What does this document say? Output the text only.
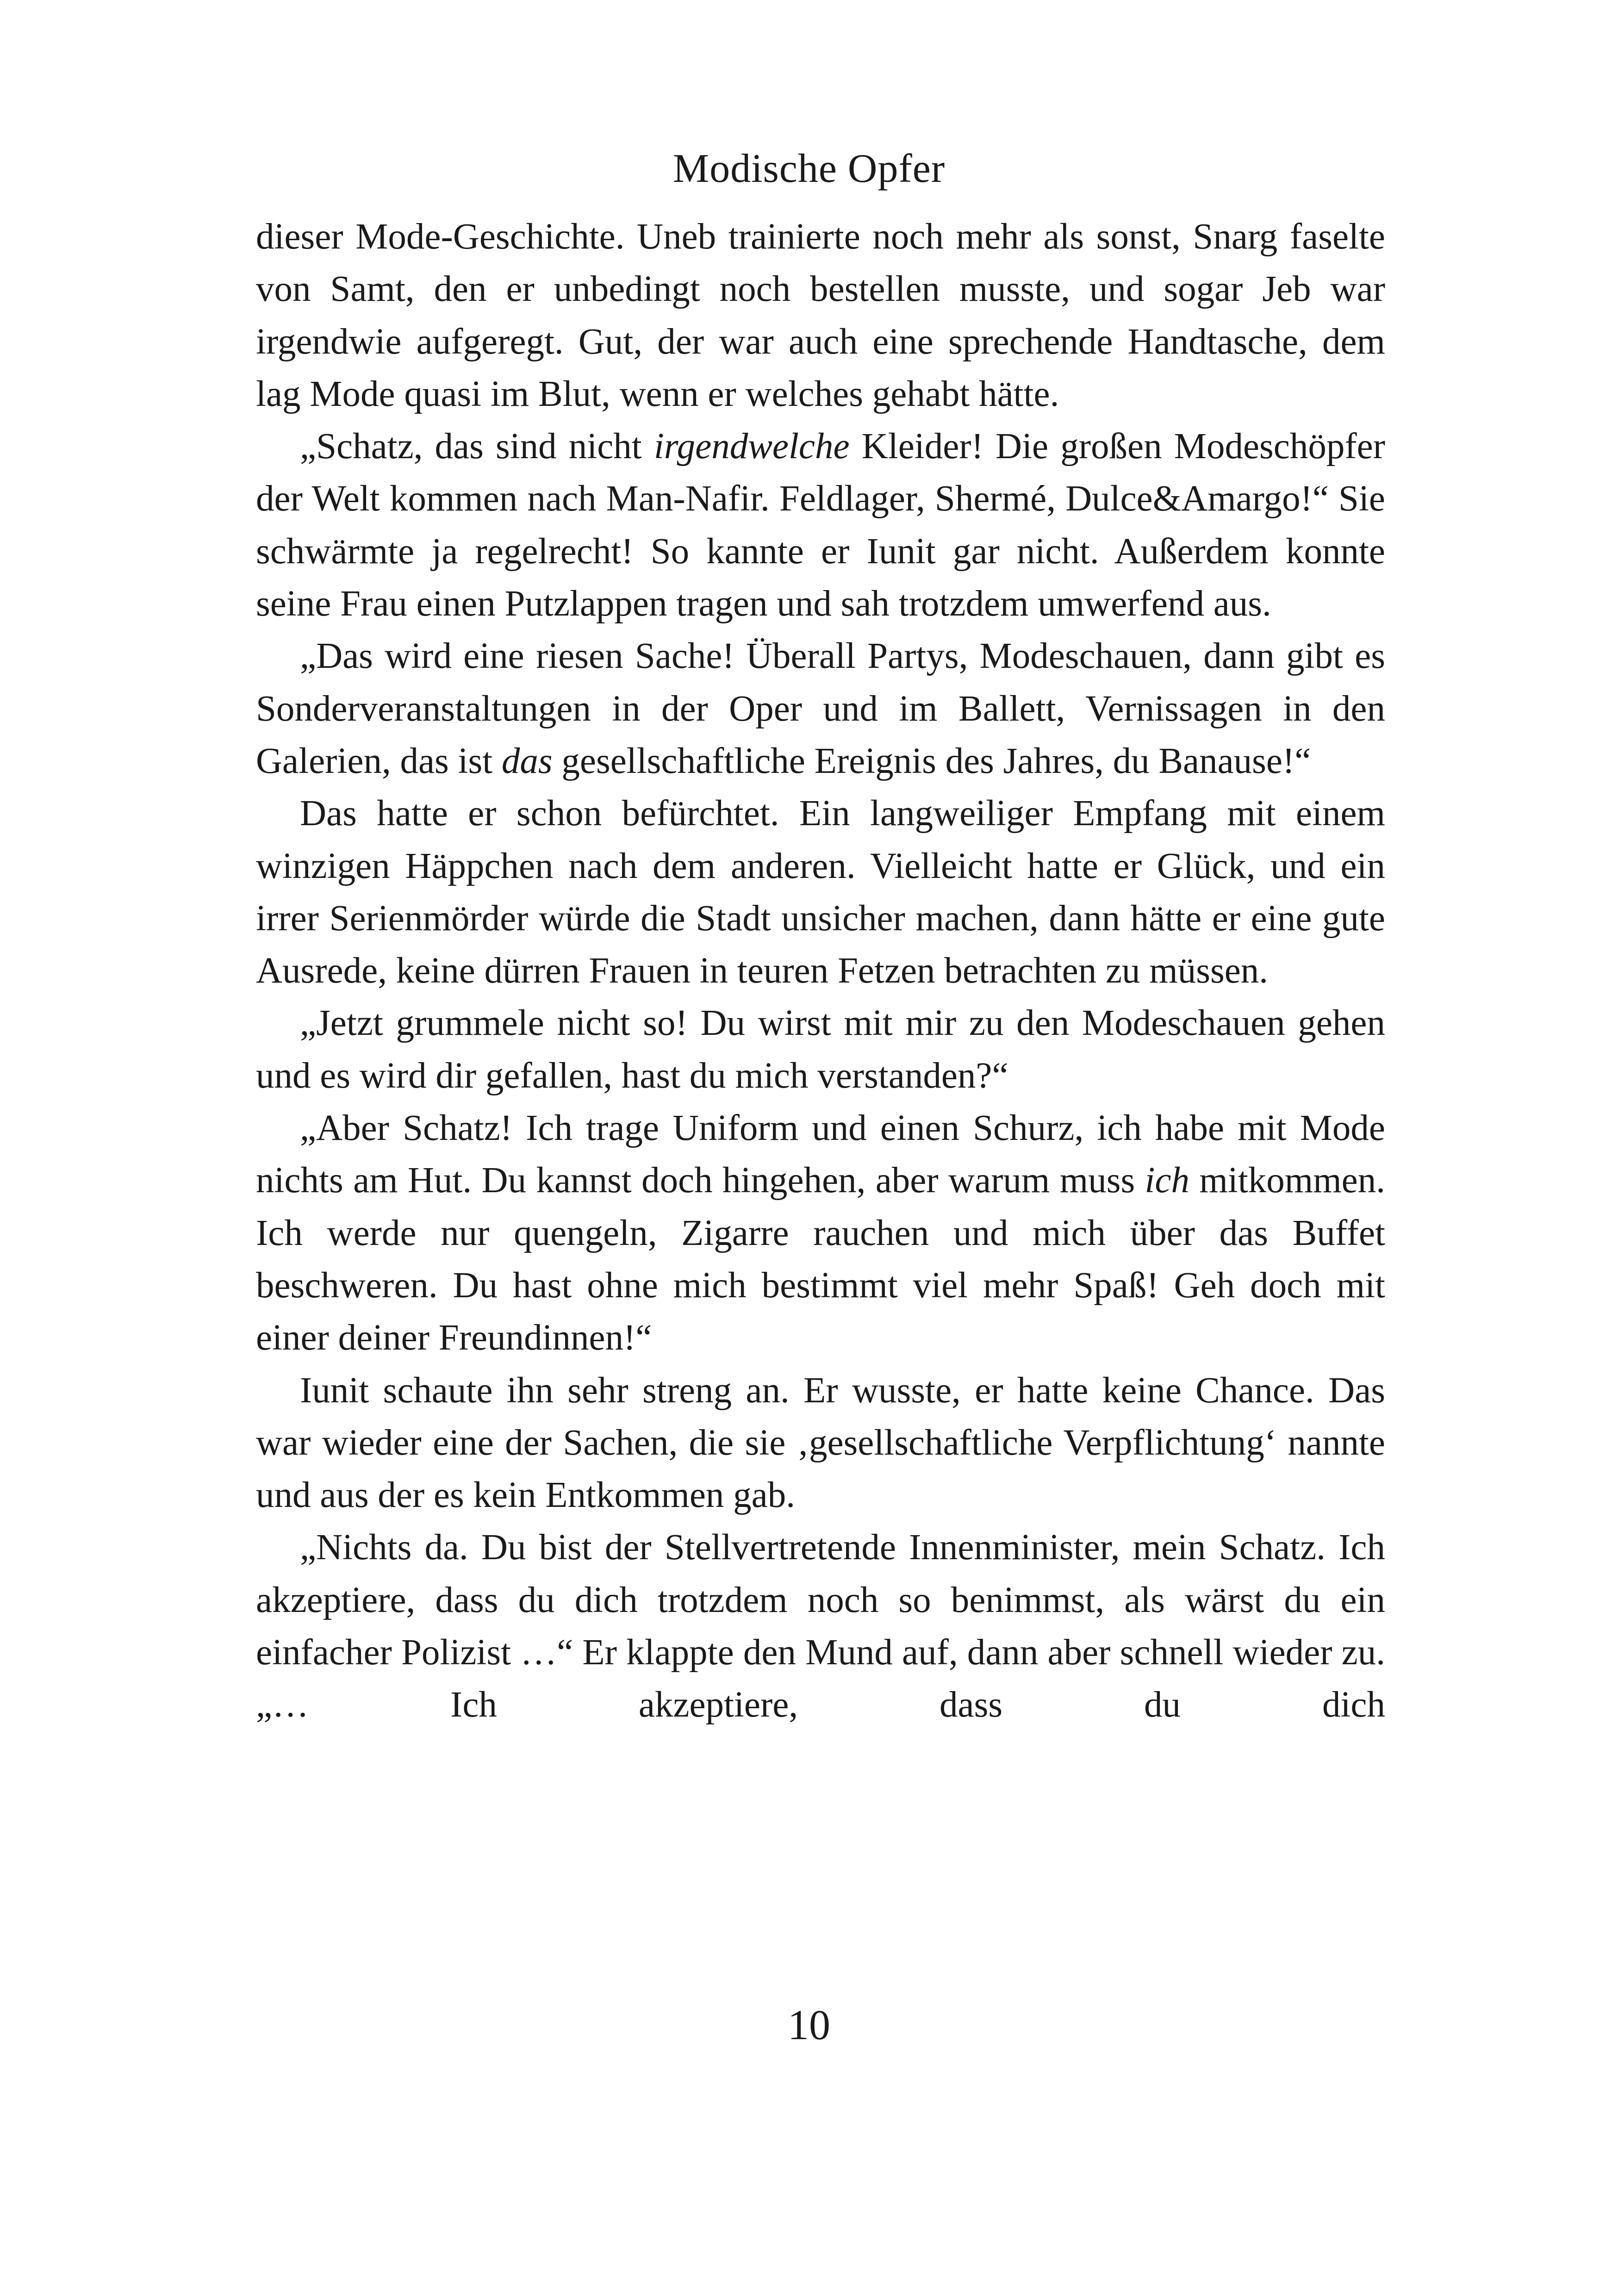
Modische Opfer

dieser Mode-Geschichte. Uneb trainierte noch mehr als sonst, Snarg faselte von Samt, den er unbedingt noch bestellen musste, und sogar Jeb war irgendwie aufgeregt. Gut, der war auch eine sprechende Handtasche, dem lag Mode quasi im Blut, wenn er welches gehabt hätte.

„Schatz, das sind nicht irgendwelche Kleider! Die großen Modeschöpfer der Welt kommen nach Man-Nafir. Feldlager, Shermé, Dulce&Amargo!“ Sie schwärmte ja regelrecht! So kannte er Iunit gar nicht. Außerdem konnte seine Frau einen Putzlappen tragen und sah trotzdem umwerfend aus.

„Das wird eine riesen Sache! Überall Partys, Modeschauen, dann gibt es Sonderveranstaltungen in der Oper und im Ballett, Vernissagen in den Galerien, das ist das gesellschaftliche Ereignis des Jahres, du Banause!“

Das hatte er schon befürchtet. Ein langweiliger Empfang mit einem winzigen Häppchen nach dem anderen. Vielleicht hatte er Glück, und ein irrer Serienmörder würde die Stadt unsicher machen, dann hätte er eine gute Ausrede, keine dürren Frauen in teuren Fetzen betrachten zu müssen.

„Jetzt grummele nicht so! Du wirst mit mir zu den Modeschauen gehen und es wird dir gefallen, hast du mich verstanden?“

„Aber Schatz! Ich trage Uniform und einen Schurz, ich habe mit Mode nichts am Hut. Du kannst doch hingehen, aber warum muss ich mitkommen. Ich werde nur quengeln, Zigarre rauchen und mich über das Buffet beschweren. Du hast ohne mich bestimmt viel mehr Spaß! Geh doch mit einer deiner Freundinnen!“

Iunit schaute ihn sehr streng an. Er wusste, er hatte keine Chance. Das war wieder eine der Sachen, die sie ‚gesellschaftliche Verpflichtung‘ nannte und aus der es kein Entkommen gab.

„Nichts da. Du bist der Stellvertretende Innenminister, mein Schatz. Ich akzeptiere, dass du dich trotzdem noch so benimmst, als wärst du ein einfacher Polizist …“ Er klappte den Mund auf, dann aber schnell wieder zu. „… Ich akzeptiere, dass du dich

10
